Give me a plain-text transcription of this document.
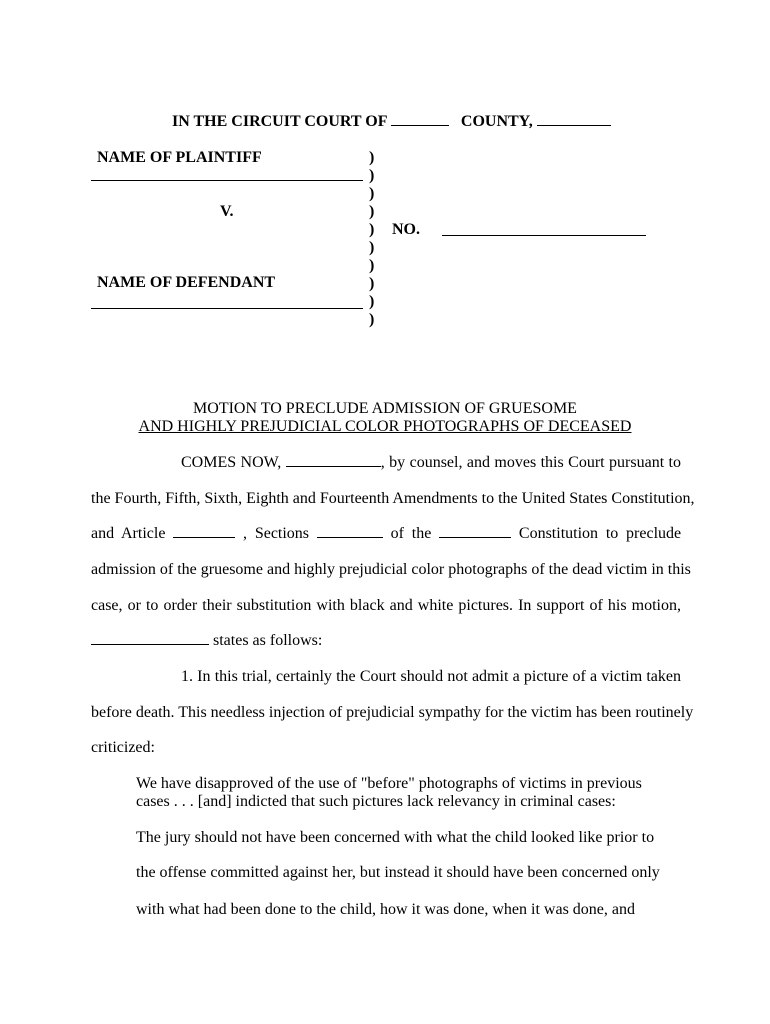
IN THE CIRCUIT COURT OF	COUNTY,
NAME OF PLAINTIFF
V.
NAME OF DEFENDANT
)
)
)
)
)
)
)
)
)
)
NO.
MOTION TO PRECLUDE ADMISSION OF GRUESOME
AND HIGHLY PREJUDICIAL COLOR PHOTOGRAPHS OF DECEASED
COMES NOW,	, by counsel, and moves this Court pursuant to
the Fourth, Fifth, Sixth, Eighth and Fourteenth Amendments to the United States Constitution,
and Article	, Sections	of the	Constitution to preclude
admission of the gruesome and highly prejudicial color photographs of the dead victim in this
case, or to order their substitution with black and white pictures. In support of his motion,
states as follows:
1. In this trial, certainly the Court should not admit a picture of a victim taken
before death. This needless injection of prejudicial sympathy for the victim has been routinely
criticized:
We have disapproved of the use of "before" photographs of victims in previous
cases . . . [and] indicted that such pictures lack relevancy in criminal cases:
The jury should not have been concerned with what the child looked like prior to
the offense committed against her, but instead it should have been concerned only
with what had been done to the child, how it was done, when it was done, and
